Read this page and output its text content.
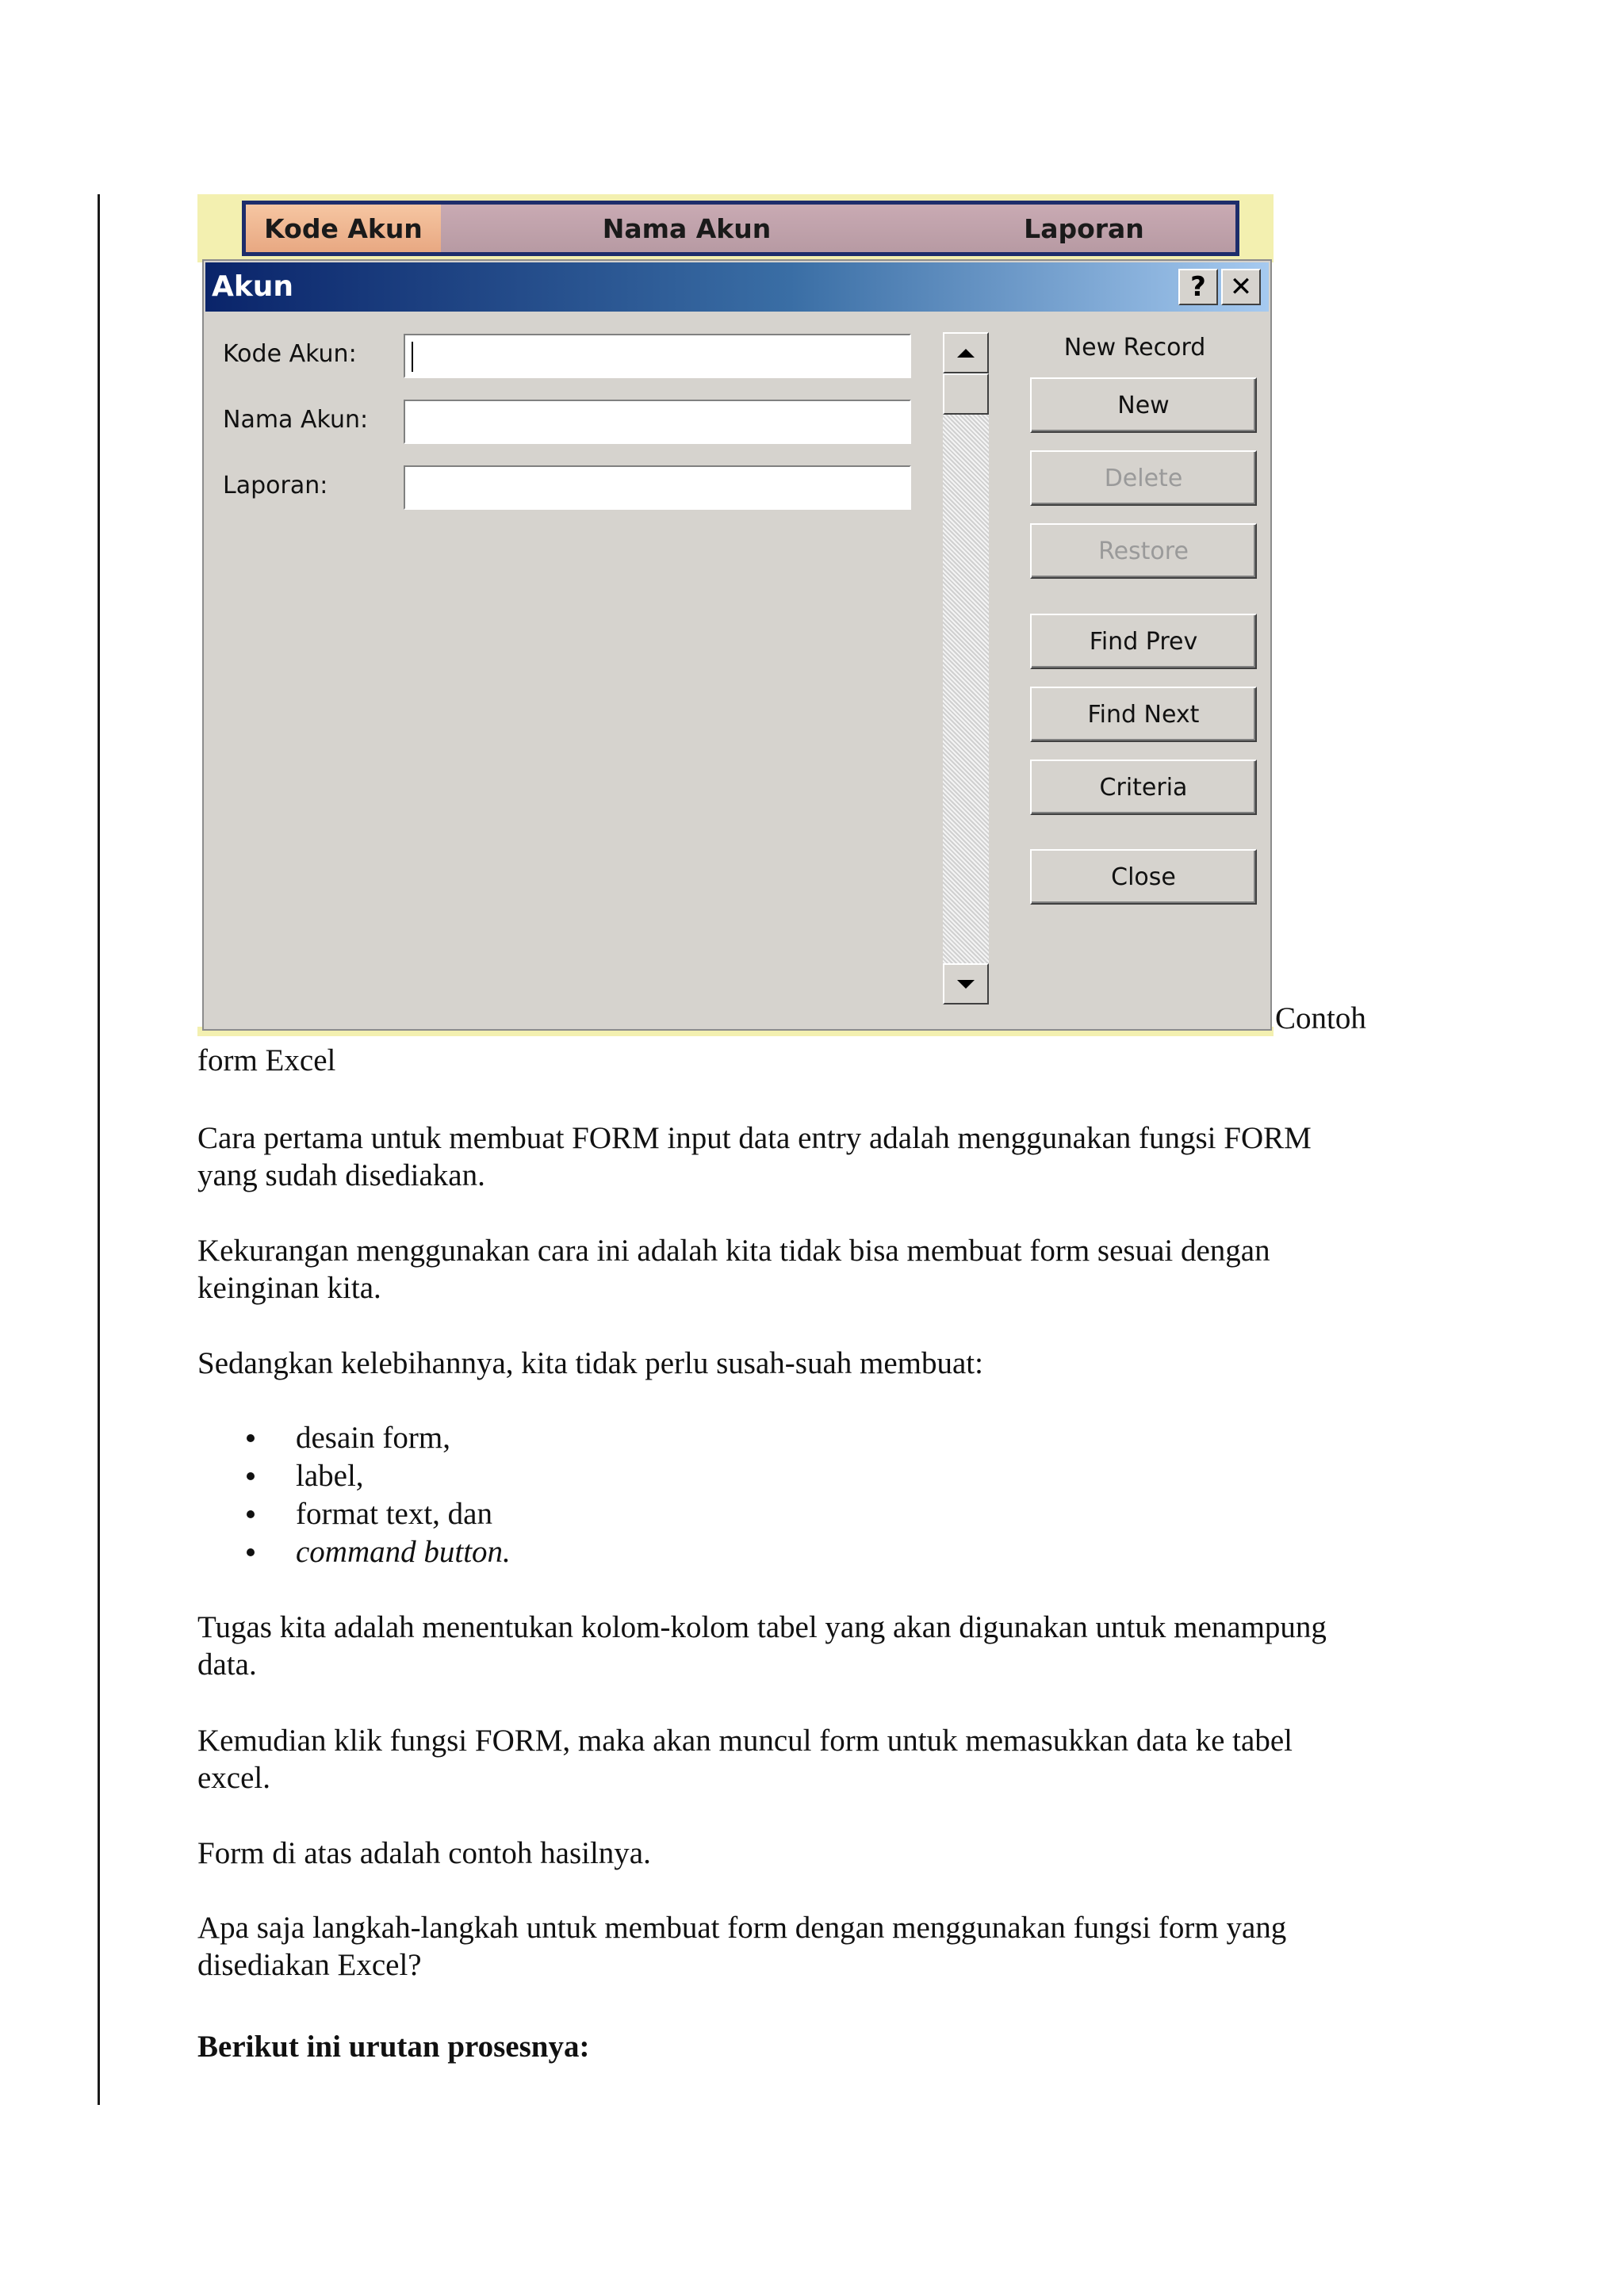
Kode Akun	Nama Akun	Laporan
Akun	? ✕
Kode Akun:
Nama Akun:
Laporan:
New Record
New
Delete
Restore
Find Prev
Find Next
Criteria
Close
Contoh
form Excel
Cara pertama untuk membuat FORM input data entry adalah menggunakan fungsi FORM
yang sudah disediakan.
Kekurangan menggunakan cara ini adalah kita tidak bisa membuat form sesuai dengan
keinginan kita.
Sedangkan kelebihannya, kita tidak perlu susah-suah membuat:
desain form,
label,
format text, dan
command button.
Tugas kita adalah menentukan kolom-kolom tabel yang akan digunakan untuk menampung
data.
Kemudian klik fungsi FORM, maka akan muncul form untuk memasukkan data ke tabel
excel.
Form di atas adalah contoh hasilnya.
Apa saja langkah-langkah untuk membuat form dengan menggunakan fungsi form yang
disediakan Excel?
Berikut ini urutan prosesnya:
